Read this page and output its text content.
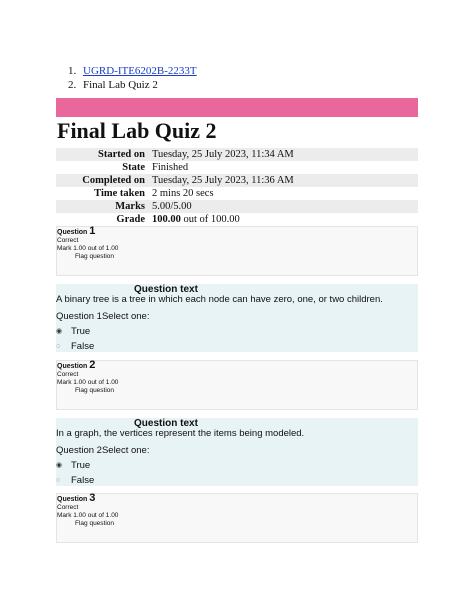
1. UGRD-ITE6202B-2233T
2. Final Lab Quiz 2
Final Lab Quiz 2
Started on	Tuesday, 25 July 2023, 11:34 AM
State	Finished
Completed on	Tuesday, 25 July 2023, 11:36 AM
Time taken	2 mins 20 secs
Marks	5.00/5.00
Grade	100.00 out of 100.00
Question 1
Correct
Mark 1.00 out of 1.00
Flag question
Question text
A binary tree is a tree in which each node can have zero, one, or two children.
Question 1Select one:
◉ True
◌ False
Question 2
Correct
Mark 1.00 out of 1.00
Flag question
Question text
In a graph, the vertices represent the items being modeled.
Question 2Select one:
◉ True
◌ False
Question 3
Correct
Mark 1.00 out of 1.00
Flag question
